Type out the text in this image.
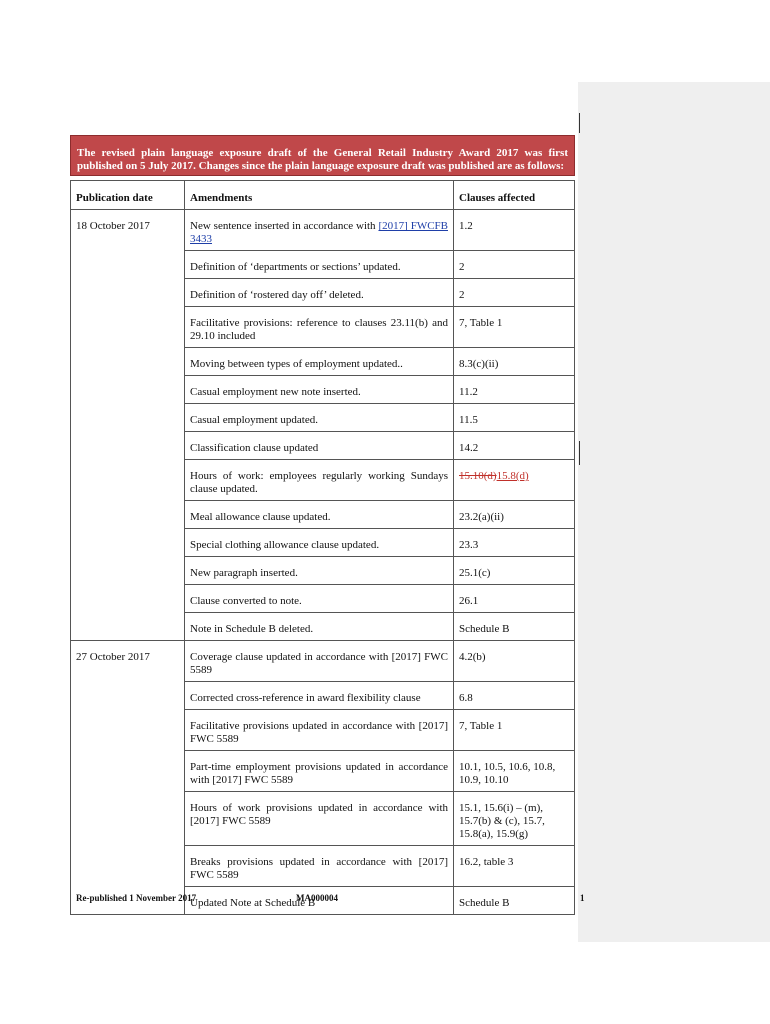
The revised plain language exposure draft of the General Retail Industry Award 2017 was first published on 5 July 2017. Changes since the plain language exposure draft was published are as follows:		

Publication date	Amendments	Clauses affected
18 October 2017	New sentence inserted in accordance with [2017] FWCFB 3433	1.2
	Definition of ‘departments or sections’ updated.	2
	Definition of ‘rostered day off’ deleted.	2
	Facilitative provisions: reference to clauses 23.11(b) and 29.10 included	7, Table 1
	Moving between types of employment updated..	8.3(c)(ii)
	Casual employment new note inserted.	11.2
	Casual employment updated.	11.5
	Classification clause updated	14.2
	Hours of work: employees regularly working Sundays clause updated.	15.10(d)15.8(d)
	Meal allowance clause updated.	23.2(a)(ii)
	Special clothing allowance clause updated.	23.3
	New paragraph inserted.	25.1(c)
	Clause converted to note.	26.1
	Note in Schedule B deleted.	Schedule B
27 October 2017	Coverage clause updated in accordance with [2017] FWC 5589	4.2(b)
	Corrected cross-reference in award flexibility clause	6.8
	Facilitative provisions updated in accordance with [2017] FWC 5589	7, Table 1
	Part-time employment provisions updated in accordance with [2017] FWC 5589	10.1, 10.5, 10.6, 10.8, 10.9, 10.10
	Hours of work provisions updated in accordance with [2017] FWC 5589	15.1, 15.6(i) – (m), 15.7(b) & (c), 15.7, 15.8(a), 15.9(g)
	Breaks provisions updated in accordance with [2017] FWC 5589	16.2, table 3
	Updated Note at Schedule B	Schedule B
Re-published 1 November 2017	MA000004	1
